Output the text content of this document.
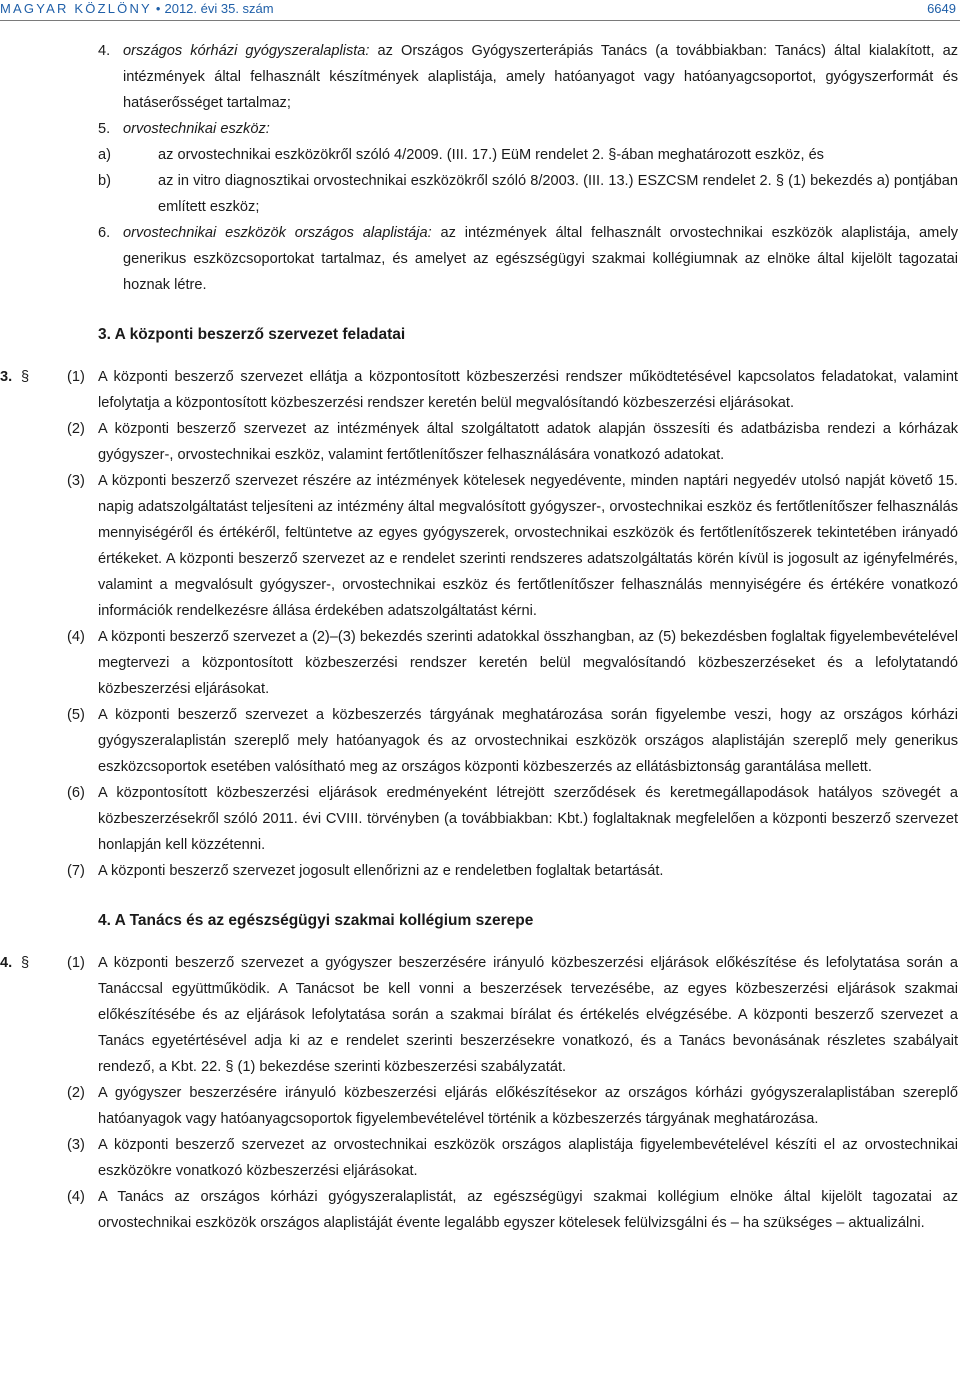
MAGYAR KÖZLÖNY • 2012. évi 35. szám	6649
4. országos kórházi gyógyszeralaplista: az Országos Gyógyszerterápiás Tanács (a továbbiakban: Tanács) által kialakított, az intézmények által felhasznált készítmények alaplistája, amely hatóanyagot vagy hatóanyagcsoportot, gyógyszerformát és hatáserősséget tartalmaz;
5. orvostechnikai eszköz:
a)	az orvostechnikai eszközökről szóló 4/2009. (III. 17.) EüM rendelet 2. §-ában meghatározott eszköz, és
b)	az in vitro diagnosztikai orvostechnikai eszközökről szóló 8/2003. (III. 13.) ESZCSM rendelet 2. § (1) bekezdés a) pontjában említett eszköz;
6. orvostechnikai eszközök országos alaplistája: az intézmények által felhasznált orvostechnikai eszközök alaplistája, amely generikus eszközcsoportokat tartalmaz, és amelyet az egészségügyi szakmai kollégiumnak az elnöke által kijelölt tagozatai hoznak létre.
3. A központi beszerző szervezet feladatai
3. §	(1) A központi beszerző szervezet ellátja a központosított közbeszerzési rendszer működtetésével kapcsolatos feladatokat, valamint lefolytatja a központosított közbeszerzési rendszer keretén belül megvalósítandó közbeszerzési eljárásokat.
(2) A központi beszerző szervezet az intézmények által szolgáltatott adatok alapján összesíti és adatbázisba rendezi a kórházak gyógyszer-, orvostechnikai eszköz, valamint fertőtlenítőszer felhasználására vonatkozó adatokat.
(3) A központi beszerző szervezet részére az intézmények kötelesek negyedévente, minden naptári negyedév utolsó napját követő 15. napig adatszolgáltatást teljesíteni az intézmény által megvalósított gyógyszer-, orvostechnikai eszköz és fertőtlenítőszer felhasználás mennyiségéről és értékéről, feltüntetve az egyes gyógyszerek, orvostechnikai eszközök és fertőtlenítőszerek tekintetében irányadó értékeket. A központi beszerző szervezet az e rendelet szerinti rendszeres adatszolgáltatás körén kívül is jogosult az igényfelmérés, valamint a megvalósult gyógyszer-, orvostechnikai eszköz és fertőtlenítőszer felhasználás mennyiségére és értékére vonatkozó információk rendelkezésre állása érdekében adatszolgáltatást kérni.
(4) A központi beszerző szervezet a (2)–(3) bekezdés szerinti adatokkal összhangban, az (5) bekezdésben foglaltak figyelembevételével megtervezi a központosított közbeszerzési rendszer keretén belül megvalósítandó közbeszerzéseket és a lefolytatandó közbeszerzési eljárásokat.
(5) A központi beszerző szervezet a közbeszerzés tárgyának meghatározása során figyelembe veszi, hogy az országos kórházi gyógyszeralaplistán szereplő mely hatóanyagok és az orvostechnikai eszközök országos alaplistáján szereplő mely generikus eszközcsoportok esetében valósítható meg az országos központi közbeszerzés az ellátásbiztonság garantálása mellett.
(6) A központosított közbeszerzési eljárások eredményeként létrejött szerződések és keretmegállapodások hatályos szövegét a közbeszerzésekről szóló 2011. évi CVIII. törvényben (a továbbiakban: Kbt.) foglaltaknak megfelelően a központi beszerző szervezet honlapján kell közzétenni.
(7) A központi beszerző szervezet jogosult ellenőrizni az e rendeletben foglaltak betartását.
4. A Tanács és az egészségügyi szakmai kollégium szerepe
4. §	(1) A központi beszerző szervezet a gyógyszer beszerzésére irányuló közbeszerzési eljárások előkészítése és lefolytatása során a Tanáccsal együttműködik. A Tanácsot be kell vonni a beszerzések tervezésébe, az egyes közbeszerzési eljárások szakmai előkészítésébe és az eljárások lefolytatása során a szakmai bírálat és értékelés elvégzésébe. A központi beszerző szervezet a Tanács egyetértésével adja ki az e rendelet szerinti beszerzésekre vonatkozó, és a Tanács bevonásának részletes szabályait rendező, a Kbt. 22. § (1) bekezdése szerinti közbeszerzési szabályzatát.
(2) A gyógyszer beszerzésére irányuló közbeszerzési eljárás előkészítésekor az országos kórházi gyógyszeralaplistában szereplő hatóanyagok vagy hatóanyagcsoportok figyelembevételével történik a közbeszerzés tárgyának meghatározása.
(3) A központi beszerző szervezet az orvostechnikai eszközök országos alaplistája figyelembevételével készíti el az orvostechnikai eszközökre vonatkozó közbeszerzési eljárásokat.
(4) A Tanács az országos kórházi gyógyszeralaplistát, az egészségügyi szakmai kollégium elnöke által kijelölt tagozatai az orvostechnikai eszközök országos alaplistáját évente legalább egyszer kötelesek felülvizsgálni és – ha szükséges – aktualizálni.
